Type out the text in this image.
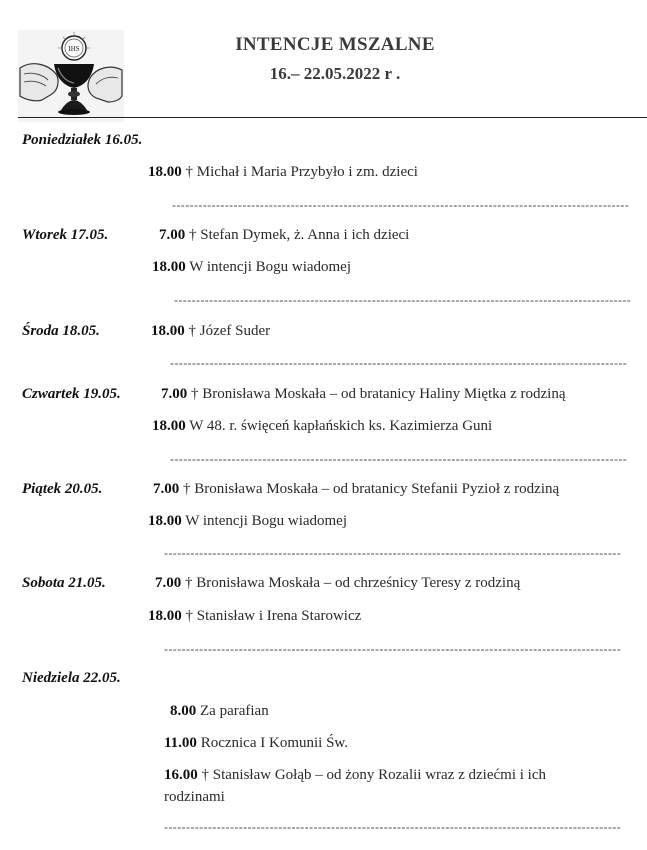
IHS	INTENCJE MSZALNE
16.– 22.05.2022 r .
Poniedziałek 16.05.
18.00 † Michał i Maria Przybyło i zm. dzieci
--------------------------------------------------------------------------------------------------------
Wtorek 17.05.	7.00 † Stefan Dymek, ż. Anna i ich dzieci
18.00 W intencji Bogu wiadomej
--------------------------------------------------------------------------------------------------------
Środa 18.05.	18.00 † Józef Suder
--------------------------------------------------------------------------------------------------------
Czwartek 19.05.	7.00 † Bronisława Moskała – od bratanicy Haliny Miętka z rodziną
18.00 W 48. r. święceń kapłańskich ks. Kazimierza Guni
--------------------------------------------------------------------------------------------------------
Piątek 20.05.	7.00 † Bronisława Moskała – od bratanicy Stefanii Pyzioł z rodziną
18.00 W intencji Bogu wiadomej
--------------------------------------------------------------------------------------------------------
Sobota 21.05.	7.00 † Bronisława Moskała – od chrześnicy Teresy z rodziną
18.00 † Stanisław i Irena Starowicz
--------------------------------------------------------------------------------------------------------
Niedziela 22.05.
8.00 Za parafian
11.00 Rocznica I Komunii Św.
16.00 † Stanisław Gołąb – od żony Rozalii wraz z dziećmi i ich rodzinami
--------------------------------------------------------------------------------------------------------
